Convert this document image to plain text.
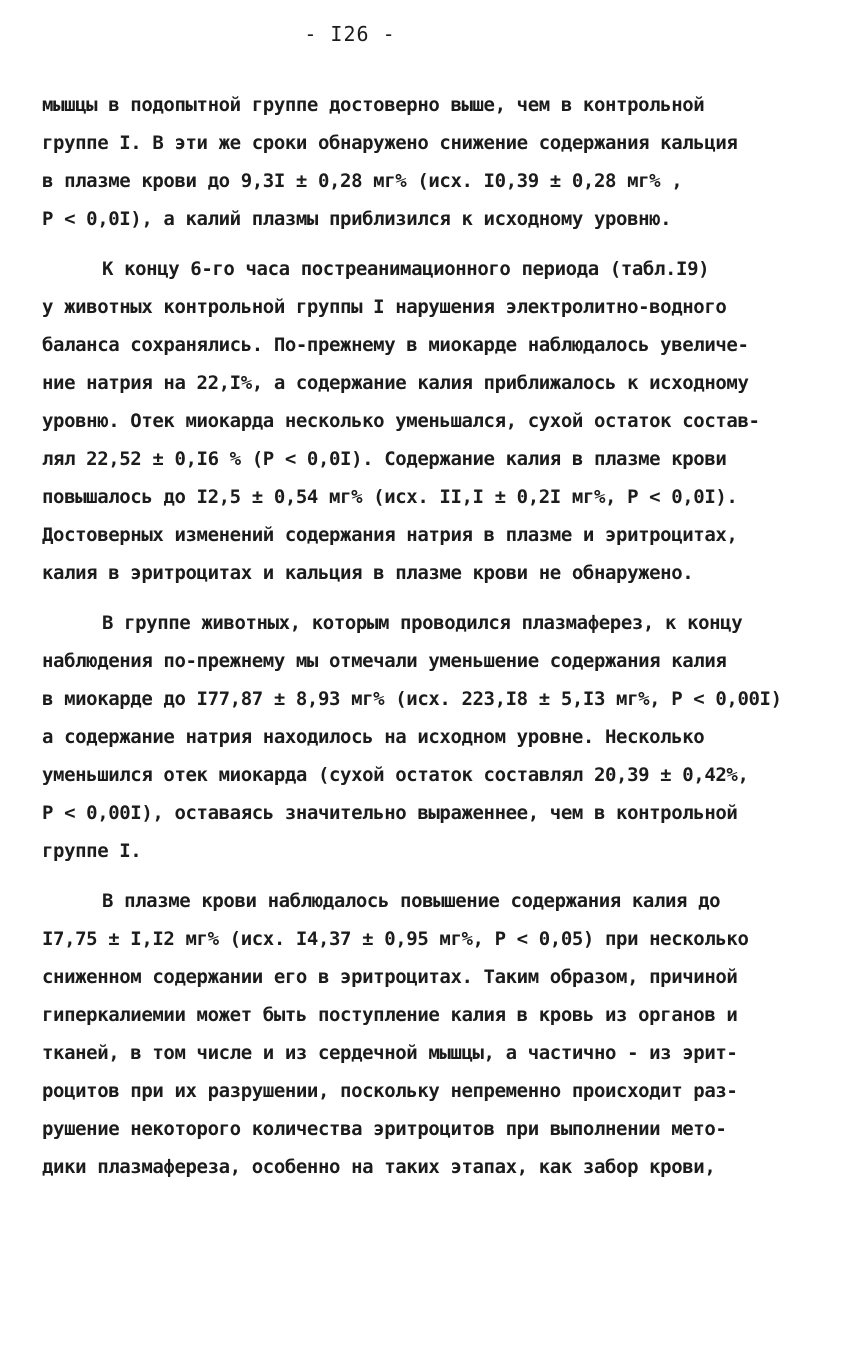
- I26 -
мышцы в подопытной группе достоверно выше, чем в контрольной
группе I. В эти же сроки обнаружено снижение содержания кальция
в плазме крови до 9,3I ± 0,28 мг% (исх. I0,39 ± 0,28 мг% ,
Р < 0,0I), а калий плазмы приблизился к исходному уровню.
К концу 6-го часа постреанимационного периода (табл.I9)
у животных контрольной группы I нарушения электролитно-водного
баланса сохранялись. По-прежнему в миокарде наблюдалось увеличе-
ние натрия на 22,I%, а содержание калия приближалось к исходному
уровню. Отек миокарда несколько уменьшался, сухой остаток состав-
лял 22,52 ± 0,I6 % (Р < 0,0I). Содержание калия в плазме крови
повышалось до I2,5 ± 0,54 мг% (исх. II,I ± 0,2I мг%, Р < 0,0I).
Достоверных изменений содержания натрия в плазме и эритроцитах,
калия в эритроцитах и кальция в плазме крови не обнаружено.
В группе животных, которым проводился плазмаферез, к концу
наблюдения по-прежнему мы отмечали уменьшение содержания калия
в миокарде до I77,87 ± 8,93 мг% (исх. 223,I8 ± 5,I3 мг%, Р < 0,00I)
а содержание натрия находилось на исходном уровне. Несколько
уменьшился отек миокарда (сухой остаток составлял 20,39 ± 0,42%,
Р < 0,00I), оставаясь значительно выраженнее, чем в контрольной
группе I.
В плазме крови наблюдалось повышение содержания калия до
I7,75 ± I,I2 мг% (исх. I4,37 ± 0,95 мг%, Р < 0,05) при несколько
сниженном содержании его в эритроцитах. Таким образом, причиной
гиперкалиемии может быть поступление калия в кровь из органов и
тканей, в том числе и из сердечной мышцы, а частично - из эрит-
роцитов при их разрушении, поскольку непременно происходит раз-
рушение некоторого количества эритроцитов при выполнении мето-
дики плазмафереза, особенно на таких этапах, как забор крови,
